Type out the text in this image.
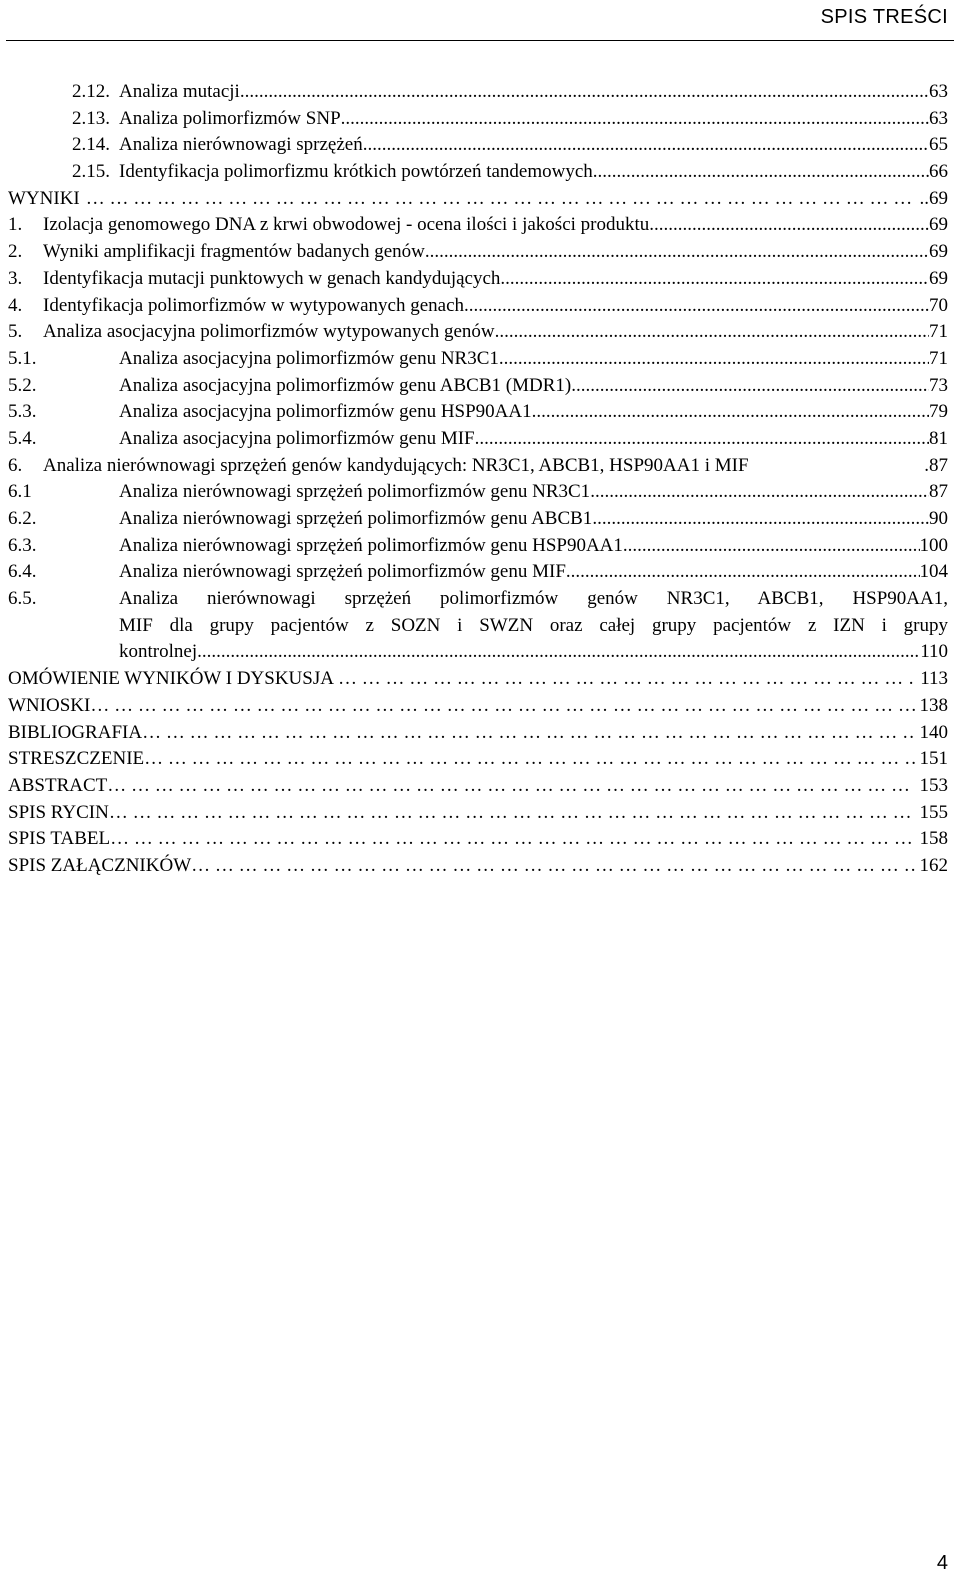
SPIS TREŚCI
2.12. Analiza mutacji .....	63
2.13. Analiza polimorfizmów SNP .....	63
2.14. Analiza nierównowagi sprzężeń .....	65
2.15. Identyfikacja polimorfizmu krótkich powtórzeń tandemowych .....	66
WYNIKI … … … … … … … … … … … … … … … … … … … … … … … … … … … … … … … … … … … … … … … … … … … …	..69
1.	Izolacja genomowego DNA z krwi obwodowej - ocena ilości i jakości produktu .....	69
2.	Wyniki amplifikacji fragmentów badanych genów .....	69
3.	Identyfikacja mutacji punktowych w genach kandydujących .....	69
4.	Identyfikacja polimorfizmów w wytypowanych genach .....	70
5.	Analiza asocjacyjna polimorfizmów wytypowanych genów .....	71
5.1.	Analiza asocjacyjna polimorfizmów genu NR3C1 .....	71
5.2.	Analiza asocjacyjna polimorfizmów genu ABCB1 (MDR1) .....	73
5.3.	Analiza asocjacyjna polimorfizmów genu HSP90AA1 .....	79
5.4.	Analiza asocjacyjna polimorfizmów genu MIF .....	81
6.	Analiza nierównowagi sprzężeń genów kandydujących: NR3C1, ABCB1, HSP90AA1 i MIF	.87
6.1	Analiza nierównowagi sprzężeń polimorfizmów genu NR3C1 .....	87
6.2.	Analiza nierównowagi sprzężeń polimorfizmów genu ABCB1 .....	90
6.3.	Analiza nierównowagi sprzężeń polimorfizmów genu HSP90AA1 .....	100
6.4.	Analiza nierównowagi sprzężeń polimorfizmów genu MIF .....	104
6.5.	Analiza nierównowagi sprzężeń polimorfizmów genów NR3C1, ABCB1, HSP90AA1,
MIF dla grupy pacjentów z SOZN i SWZN oraz całej grupy pacjentów z IZN i grupy
kontrolnej .....	110
OMÓWIENIE WYNIKÓW I DYSKUSJA … … … … … … … … … … … … … … … … … … … … … … … … … … … … … … … … … … … … … … … … … … … …	113
WNIOSKI … … … … … … … … … … … … … … … … … … … … … … … … … … … … … … … … … … … … … … … … … … … …	138
BIBLIOGRAFIA … … … … … … … … … … … … … … … … … … … … … … … … … … … … … … … … … … … … … … … … … … … …	140
STRESZCZENIE … … … … … … … … … … … … … … … … … … … … … … … … … … … … … … … … … … … … … … … … … … … …	151
ABSTRACT … … … … … … … … … … … … … … … … … … … … … … … … … … … … … … … … … … … … … … … … … … … …	153
SPIS RYCIN … … … … … … … … … … … … … … … … … … … … … … … … … … … … … … … … … … … … … … … … … … … …	155
SPIS TABEL … … … … … … … … … … … … … … … … … … … … … … … … … … … … … … … … … … … … … … … … … … … …	158
SPIS ZAŁĄCZNIKÓW … … … … … … … … … … … … … … … … … … … … … … … … … … … … … … … … … … … … … … … … … … … …	162
4
